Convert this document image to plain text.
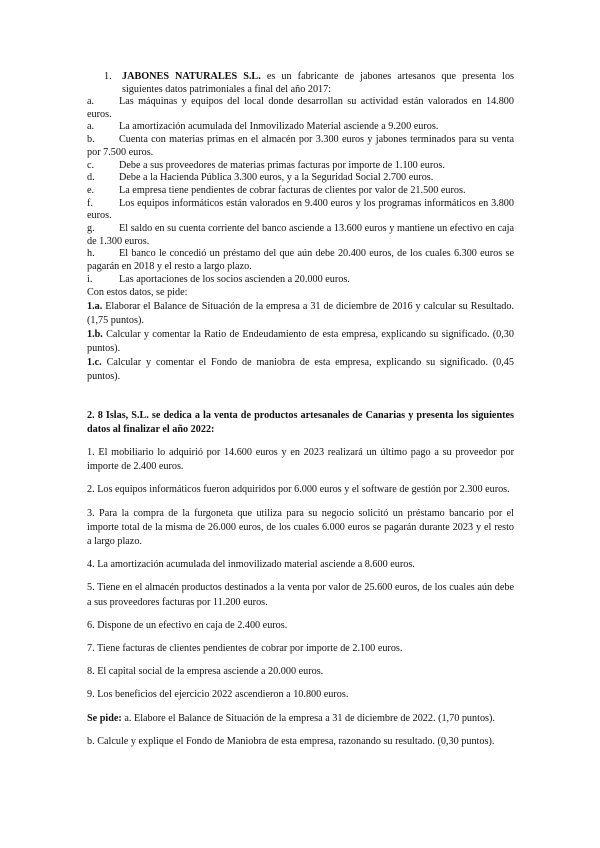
1.	JABONES NATURALES S.L. es un fabricante de jabones artesanos que presenta los siguientes datos patrimoniales a final del año 2017:

a. Las máquinas y equipos del local donde desarrollan su actividad están valorados en 14.800 euros.

a. La amortización acumulada del Inmovilizado Material asciende a 9.200 euros.

b. Cuenta con materias primas en el almacén por 3.300 euros y jabones terminados para su venta por 7.500 euros.

c. Debe a sus proveedores de materias primas facturas por importe de 1.100 euros.

d. Debe a la Hacienda Pública 3.300 euros, y a la Seguridad Social 2.700 euros.

e. La empresa tiene pendientes de cobrar facturas de clientes por valor de 21.500 euros.

f.	Los equipos informáticos están valorados en 9.400 euros y los programas informáticos en 3.800 euros.

g. El saldo en su cuenta corriente del banco asciende a 13.600 euros y mantiene un efectivo en caja de 1.300 euros.

h. El banco le concedió un préstamo del que aún debe 20.400 euros, de los cuales 6.300 euros se pagarán en 2018 y el resto a largo plazo.

i.	Las aportaciones de los socios ascienden a 20.000 euros.

Con estos datos, se pide:

1.a. Elaborar el Balance de Situación de la empresa a 31 de diciembre de 2016 y calcular su Resultado. (1,75 puntos).

1.b. Calcular y comentar la Ratio de Endeudamiento de esta empresa, explicando su significado. (0,30 puntos).

1.c. Calcular y comentar el Fondo de maniobra de esta empresa, explicando su significado. (0,45 puntos).

2. 8 Islas, S.L. se dedica a la venta de productos artesanales de Canarias y presenta los siguientes datos al finalizar el año 2022:

1. El mobiliario lo adquirió por 14.600 euros y en 2023 realizará un último pago a su proveedor por importe de 2.400 euros.

2. Los equipos informáticos fueron adquiridos por 6.000 euros y el software de gestión por 2.300 euros.

3. Para la compra de la furgoneta que utiliza para su negocio solicitó un préstamo bancario por el importe total de la misma de 26.000 euros, de los cuales 6.000 euros se pagarán durante 2023 y el resto a largo plazo.

4. La amortización acumulada del inmovilizado material asciende a 8.600 euros.

5. Tiene en el almacén productos destinados a la venta por valor de 25.600 euros, de los cuales aún debe a sus proveedores facturas por 11.200 euros.

6. Dispone de un efectivo en caja de 2.400 euros.

7. Tiene facturas de clientes pendientes de cobrar por importe de 2.100 euros.

8. El capital social de la empresa asciende a 20.000 euros.

9. Los beneficios del ejercicio 2022 ascendieron a 10.800 euros.

Se pide: a. Elabore el Balance de Situación de la empresa a 31 de diciembre de 2022. (1,70 puntos).

b. Calcule y explique el Fondo de Maniobra de esta empresa, razonando su resultado. (0,30 puntos).
